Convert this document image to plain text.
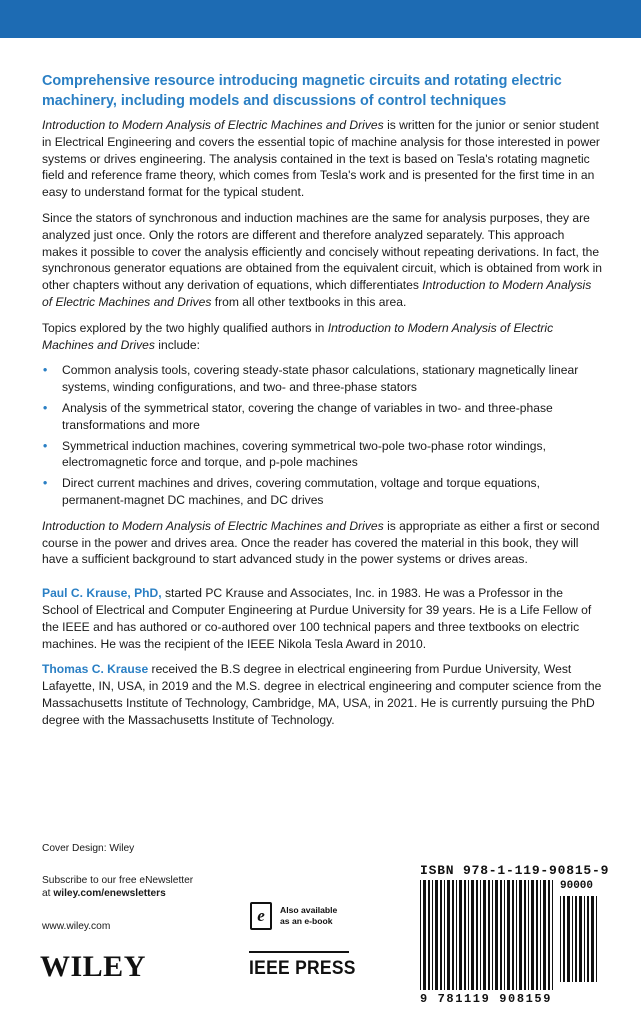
Comprehensive resource introducing magnetic circuits and rotating electric machinery, including models and discussions of control techniques

Introduction to Modern Analysis of Electric Machines and Drives is written for the junior or senior student in Electrical Engineering and covers the essential topic of machine analysis for those interested in power systems or drives engineering. The analysis contained in the text is based on Tesla's rotating magnetic field and reference frame theory, which comes from Tesla's work and is presented for the first time in an easy to understand format for the typical student.

Since the stators of synchronous and induction machines are the same for analysis purposes, they are analyzed just once. Only the rotors are different and therefore analyzed separately. This approach makes it possible to cover the analysis efficiently and concisely without repeating derivations. In fact, the synchronous generator equations are obtained from the equivalent circuit, which is obtained from work in other chapters without any derivation of equations, which differentiates Introduction to Modern Analysis of Electric Machines and Drives from all other textbooks in this area.

Topics explored by the two highly qualified authors in Introduction to Modern Analysis of Electric Machines and Drives include:

• Common analysis tools, covering steady-state phasor calculations, stationary magnetically linear systems, winding configurations, and two- and three-phase stators
• Analysis of the symmetrical stator, covering the change of variables in two- and three-phase transformations and more
• Symmetrical induction machines, covering symmetrical two-pole two-phase rotor windings, electromagnetic force and torque, and p-pole machines
• Direct current machines and drives, covering commutation, voltage and torque equations, permanent-magnet DC machines, and DC drives

Introduction to Modern Analysis of Electric Machines and Drives is appropriate as either a first or second course in the power and drives area. Once the reader has covered the material in this book, they will have a sufficient background to start advanced study in the power systems or drives areas.

Paul C. Krause, PhD, started PC Krause and Associates, Inc. in 1983. He was a Professor in the School of Electrical and Computer Engineering at Purdue University for 39 years. He is a Life Fellow of the IEEE and has authored or co-authored over 100 technical papers and three textbooks on electric machines. He was the recipient of the IEEE Nikola Tesla Award in 2010.

Thomas C. Krause received the B.S degree in electrical engineering from Purdue University, West Lafayette, IN, USA, in 2019 and the M.S. degree in electrical engineering and computer science from the Massachusetts Institute of Technology, Cambridge, MA, USA, in 2021. He is currently pursuing the PhD degree with the Massachusetts Institute of Technology.

Cover Design: Wiley
Subscribe to our free eNewsletter
at wiley.com/enewsletters
www.wiley.com
WILEY
e	Also available
as an e-book
IEEE PRESS
ISBN 978-1-119-90815-9
90000
9 781119 908159
